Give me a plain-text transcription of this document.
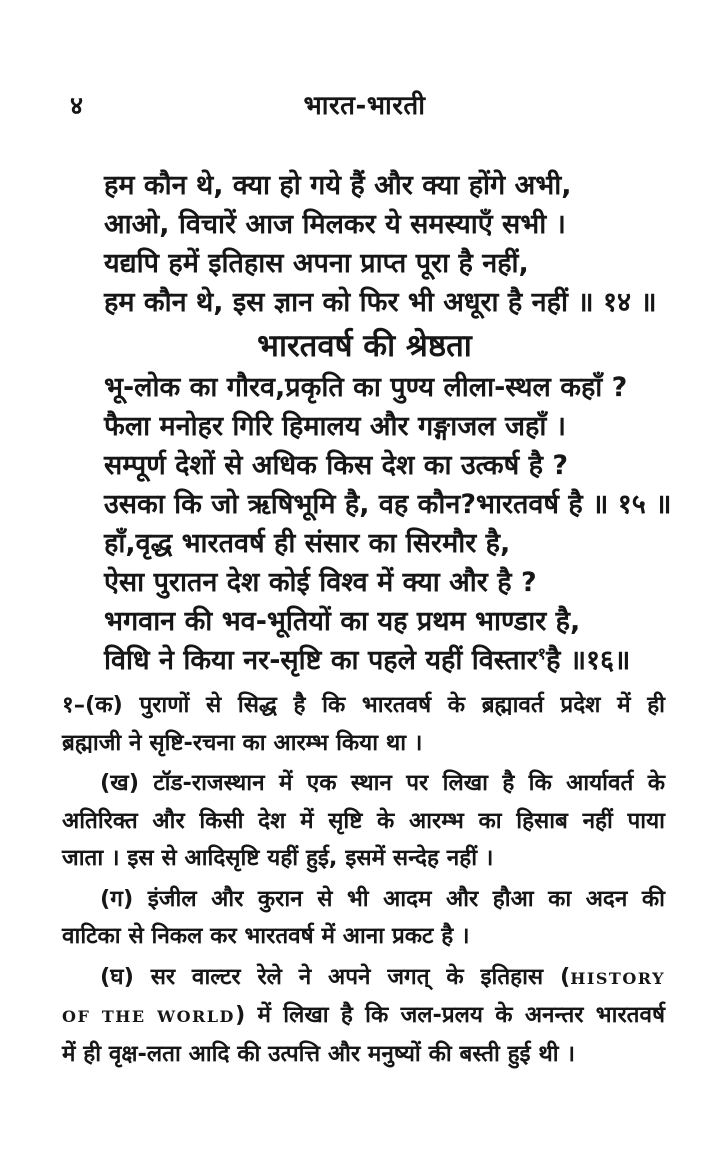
४	भारत-भारती

हम कौन थे, क्या हो गये हैं और क्या होंगे अभी,

आओ, विचारें आज मिलकर ये समस्याएँ सभी ।

यद्यपि हमें इतिहास अपना प्राप्त पूरा है नहीं,

हम कौन थे, इस ज्ञान को फिर भी अधूरा है नहीं ॥ १४ ॥

भारतवर्ष की श्रेष्ठता

भू-लोक का गौरव,प्रकृति का पुण्य लीला-स्थल कहाँ ?

फैला मनोहर गिरि हिमालय और गङ्गाजल जहाँ ।

सम्पूर्ण देशों से अधिक किस देश का उत्कर्ष है ?

उसका कि जो ऋषिभूमि है, वह कौन?भारतवर्ष है ॥ १५ ॥

हाँ,वृद्ध भारतवर्ष ही संसार का सिरमौर है,

ऐसा पुरातन देश कोई विश्व में क्या और है ?

भगवान की भव-भूतियों का यह प्रथम भाण्डार है,

विधि ने किया नर-सृष्टि का पहले यहीं विस्तार$^१$है ॥१६॥

१–(क) पुराणों से सिद्ध है कि भारतवर्ष के ब्रह्मावर्त प्रदेश में ही

ब्रह्माजी ने सृष्टि-रचना का आरम्भ किया था ।

(ख) टॉड-राजस्थान में एक स्थान पर लिखा है कि आर्यावर्त के

अतिरिक्त और किसी देश में सृष्टि के आरम्भ का हिसाब नहीं पाया

जाता । इस से आदिसृष्टि यहीं हुई, इसमें सन्देह नहीं ।

(ग) इंजील और कुरान से भी आदम और हौआ का अदन की

वाटिका से निकल कर भारतवर्ष में आना प्रकट है ।

(घ) सर वाल्टर रेले ने अपने जगत् के इतिहास (HISTORY

OF THE WORLD) में लिखा है कि जल-प्रलय के अनन्तर भारतवर्ष

में ही वृक्ष-लता आदि की उत्पत्ति और मनुष्यों की बस्ती हुई थी ।
